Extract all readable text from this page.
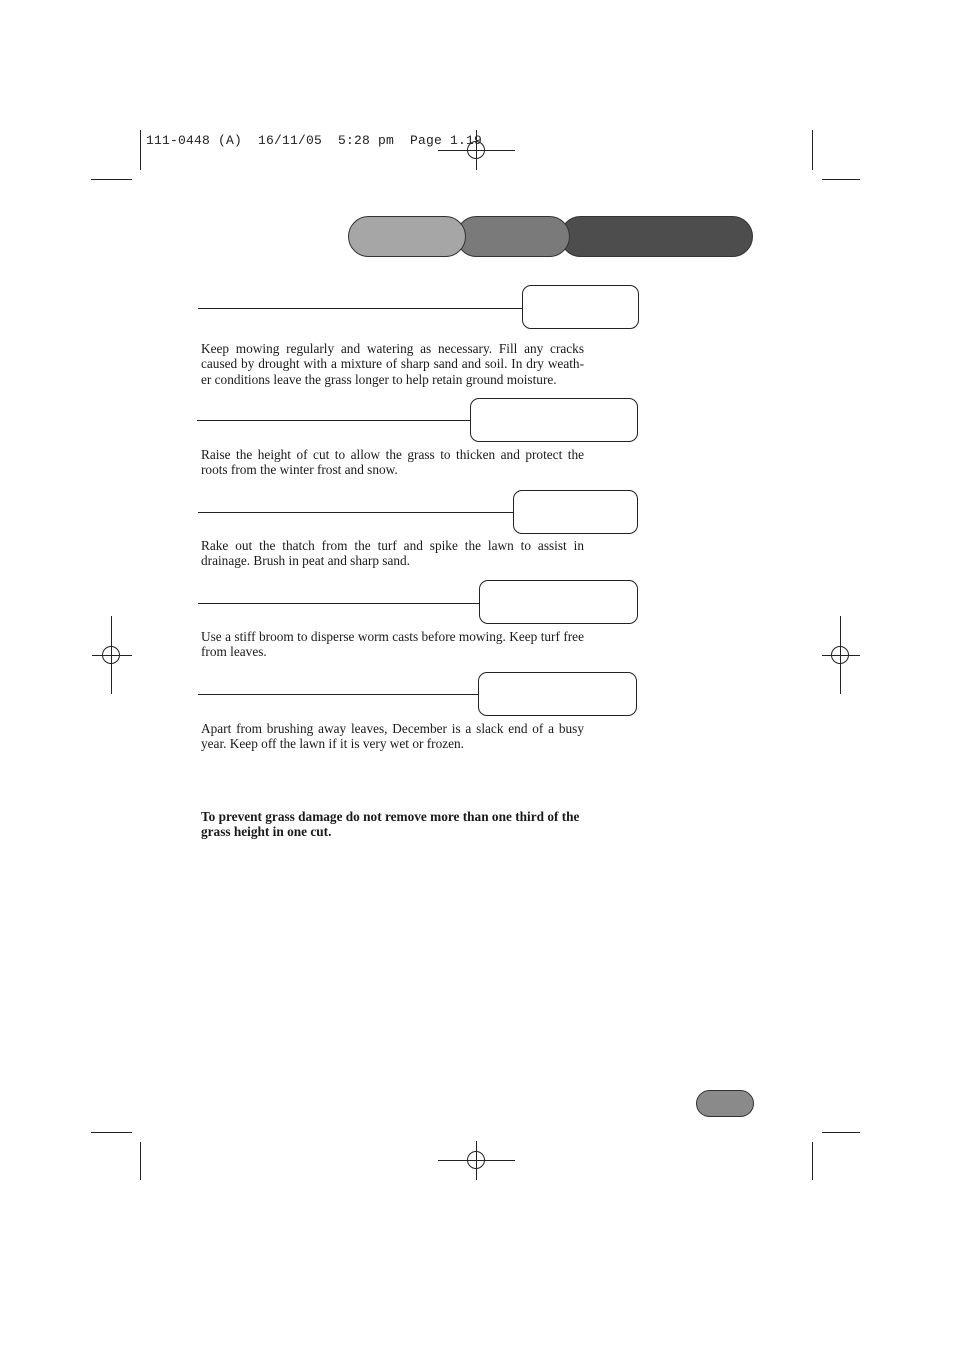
111-0448 (A)  16/11/05  5:28 pm  Page 1.19
Keep mowing regularly and watering as necessary. Fill any cracks caused by drought with a mixture of sharp sand and soil. In dry weath-er conditions leave the grass longer to help retain ground moisture.
Raise the height of cut to allow the grass to thicken and protect the roots from the winter frost and snow.
Rake out the thatch from the turf and spike the lawn to assist in drainage. Brush in peat and sharp sand.
Use a stiff broom to disperse worm casts before mowing. Keep turf free from leaves.
Apart from brushing away leaves, December is a slack end of a busy year. Keep off the lawn if it is very wet or frozen.
To prevent grass damage do not remove more than one third of the grass height in one cut.
